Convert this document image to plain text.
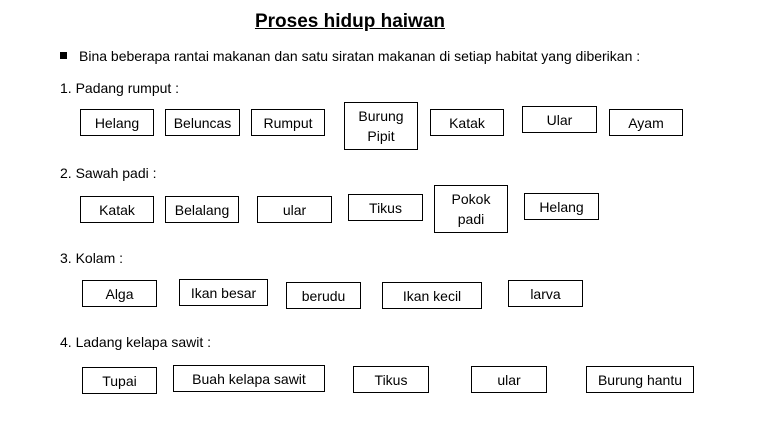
Proses hidup haiwan
Bina beberapa rantai makanan dan satu siratan makanan di setiap habitat yang diberikan :
1. Padang rumput :
Helang	Beluncas	Rumput	Burung Pipit
Katak	Ular	Ayam
2. Sawah padi :
Katak	Belalang	ular	Tikus
Pokok padi
Helang
3. Kolam :
Alga	Ikan besar	berudu	Ikan kecil	larva
4. Ladang kelapa sawit :
Tupai	Buah kelapa sawit	Tikus	ular	Burung hantu
